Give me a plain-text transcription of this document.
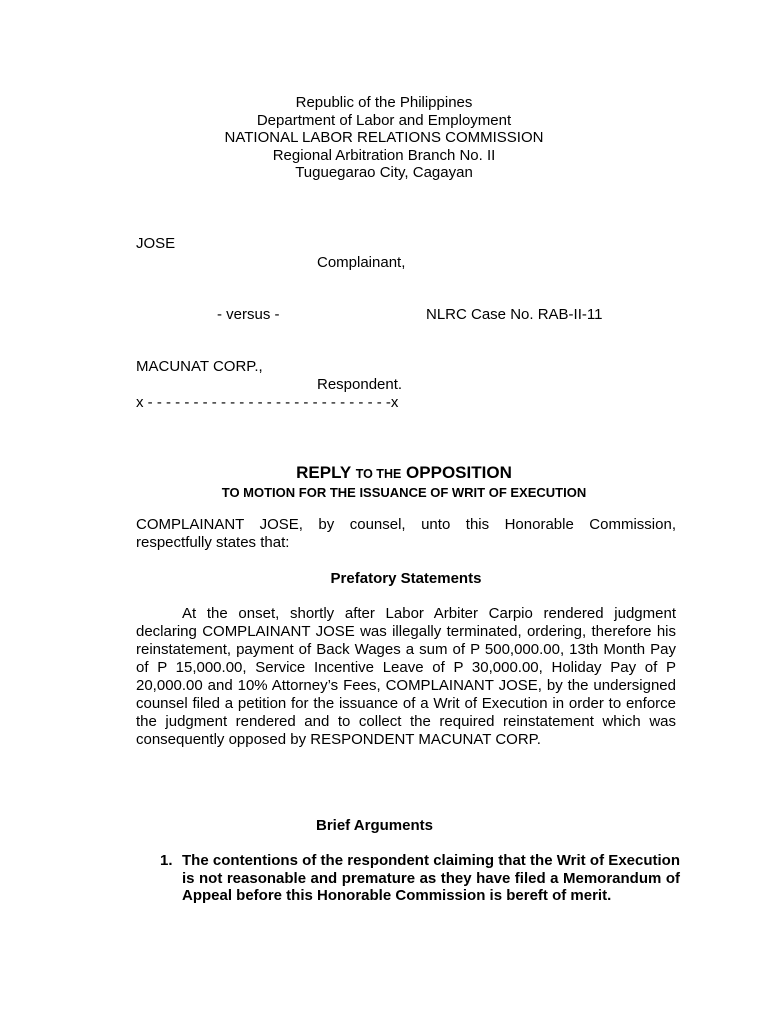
Republic of the Philippines
Department of Labor and Employment
NATIONAL LABOR RELATIONS COMMISSION
Regional Arbitration Branch No. II
Tuguegarao City, Cagayan
JOSE
Complainant,
- versus -	NLRC Case No. RAB-II-11
MACUNAT CORP.,
Respondent.
x - - - - - - - - - - - - - - - - - - - - - - - - - - -x
REPLY TO THE OPPOSITION
TO MOTION FOR THE ISSUANCE OF WRIT OF EXECUTION
COMPLAINANT JOSE, by counsel, unto this Honorable Commission, respectfully states that:
Prefatory Statements
At the onset, shortly after Labor Arbiter Carpio rendered judgment declaring COMPLAINANT JOSE was illegally terminated, ordering, therefore his reinstatement, payment of Back Wages a sum of P 500,000.00, 13th Month Pay of P 15,000.00, Service Incentive Leave of P 30,000.00, Holiday Pay of P 20,000.00 and 10% Attorney’s Fees, COMPLAINANT JOSE, by the undersigned counsel filed a petition for the issuance of a Writ of Execution in order to enforce the judgment rendered and to collect the required reinstatement which was consequently opposed by RESPONDENT MACUNAT CORP.
Brief Arguments
1. The contentions of the respondent claiming that the Writ of Execution is not reasonable and premature as they have filed a Memorandum of Appeal before this Honorable Commission is bereft of merit.
